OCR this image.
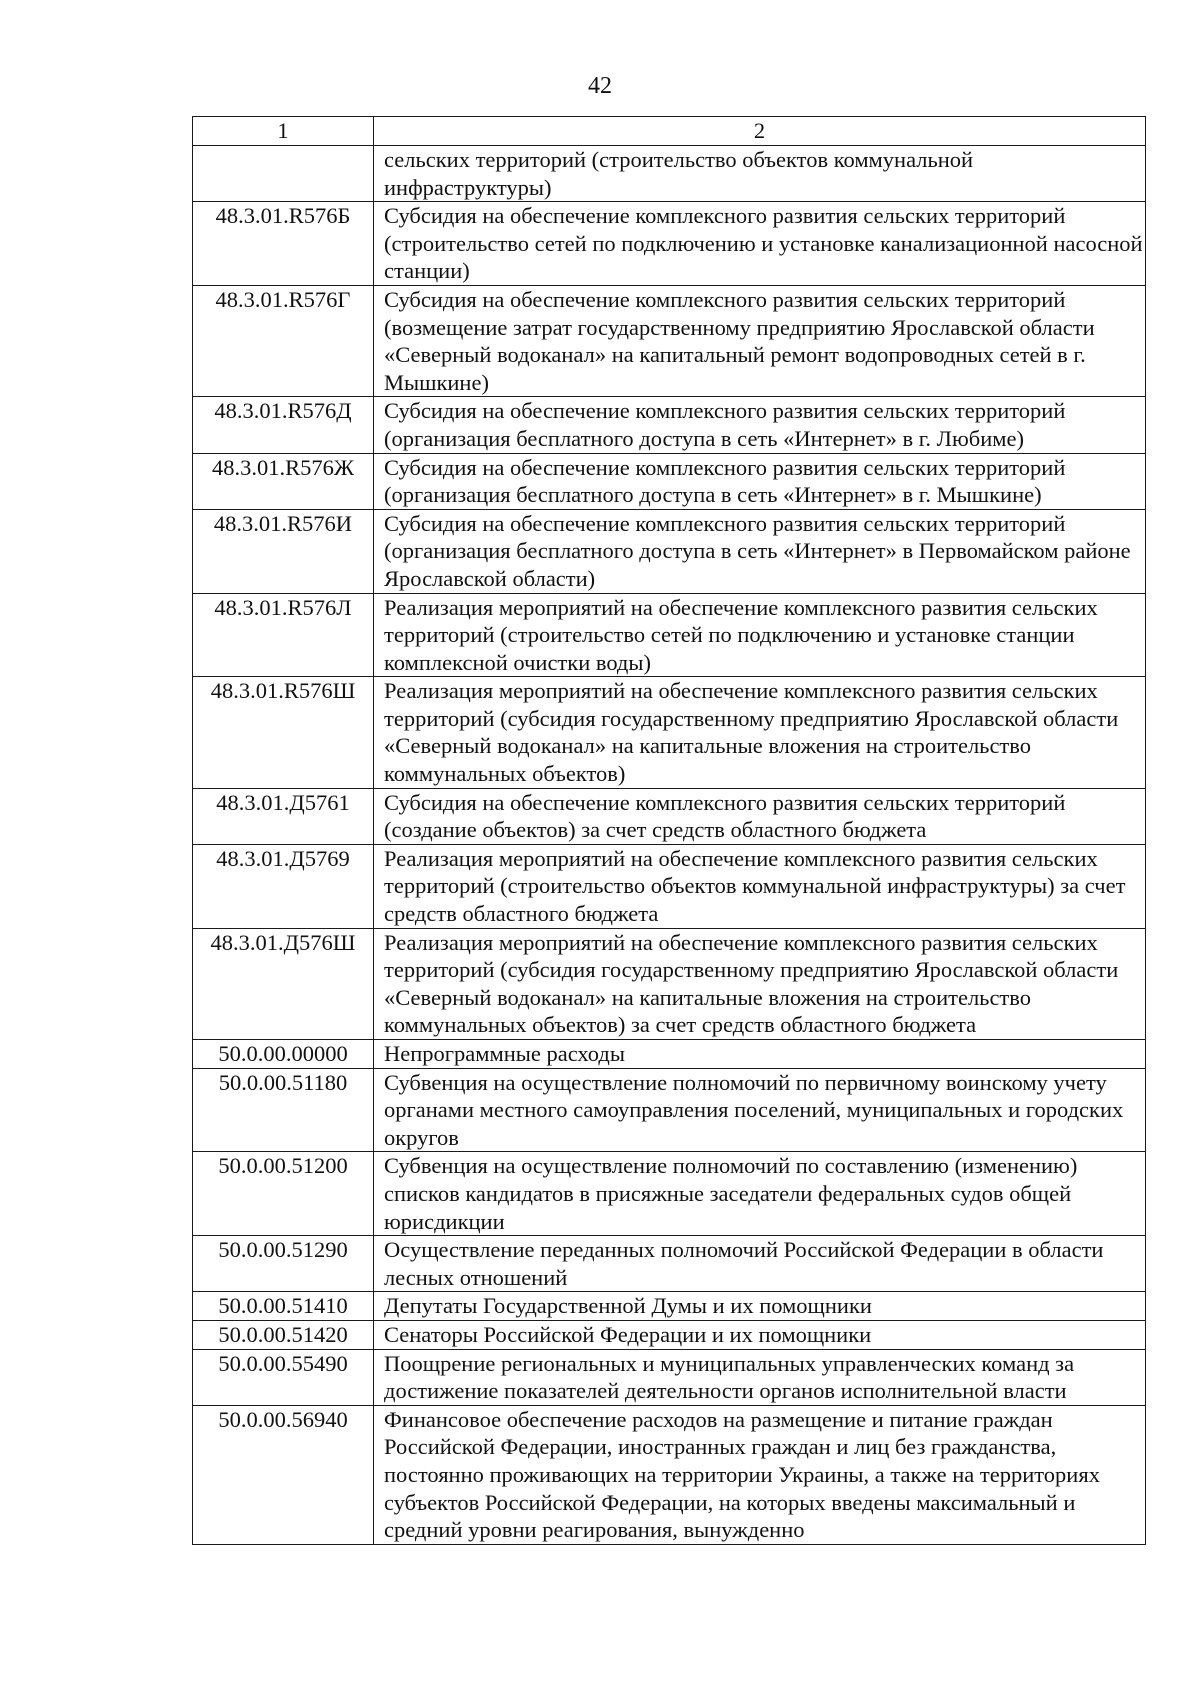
42
1	2
	сельских территорий (строительство объектов коммунальной инфраструктуры)
48.3.01.R576Б	Субсидия на обеспечение комплексного развития сельских территорий (строительство сетей по подключению и установке канализационной насосной станции)
48.3.01.R576Г	Субсидия на обеспечение комплексного развития сельских территорий (возмещение затрат государственному предприятию Ярославской области «Северный водоканал» на капитальный ремонт водопроводных сетей в г. Мышкине)
48.3.01.R576Д	Субсидия на обеспечение комплексного развития сельских территорий (организация бесплатного доступа в сеть «Интернет» в г. Любиме)
48.3.01.R576Ж	Субсидия на обеспечение комплексного развития сельских территорий (организация бесплатного доступа в сеть «Интернет» в г. Мышкине)
48.3.01.R576И	Субсидия на обеспечение комплексного развития сельских территорий (организация бесплатного доступа в сеть «Интернет» в Первомайском районе Ярославской области)
48.3.01.R576Л	Реализация мероприятий на обеспечение комплексного развития сельских территорий (строительство сетей по подключению и установке станции комплексной очистки воды)
48.3.01.R576Ш	Реализация мероприятий на обеспечение комплексного развития сельских территорий (субсидия государственному предприятию Ярославской области «Северный водоканал» на капитальные вложения на строительство коммунальных объектов)
48.3.01.Д5761	Субсидия на обеспечение комплексного развития сельских территорий (создание объектов) за счет средств областного бюджета
48.3.01.Д5769	Реализация мероприятий на обеспечение комплексного развития сельских территорий (строительство объектов коммунальной инфраструктуры) за счет средств областного бюджета
48.3.01.Д576Ш	Реализация мероприятий на обеспечение комплексного развития сельских территорий (субсидия государственному предприятию Ярославской области «Северный водоканал» на капитальные вложения на строительство коммунальных объектов) за счет средств областного бюджета
50.0.00.00000	Непрограммные расходы
50.0.00.51180	Субвенция на осуществление полномочий по первичному воинскому учету органами местного самоуправления поселений, муниципальных и городских округов
50.0.00.51200	Субвенция на осуществление полномочий по составлению (изменению) списков кандидатов в присяжные заседатели федеральных судов общей юрисдикции
50.0.00.51290	Осуществление переданных полномочий Российской Федерации в области лесных отношений
50.0.00.51410	Депутаты Государственной Думы и их помощники
50.0.00.51420	Сенаторы Российской Федерации и их помощники
50.0.00.55490	Поощрение региональных и муниципальных управленческих команд за достижение показателей деятельности органов исполнительной власти
50.0.00.56940	Финансовое обеспечение расходов на размещение и питание граждан Российской Федерации, иностранных граждан и лиц без гражданства, постоянно проживающих на территории Украины, а также на территориях субъектов Российской Федерации, на которых введены максимальный и средний уровни реагирования, вынужденно
